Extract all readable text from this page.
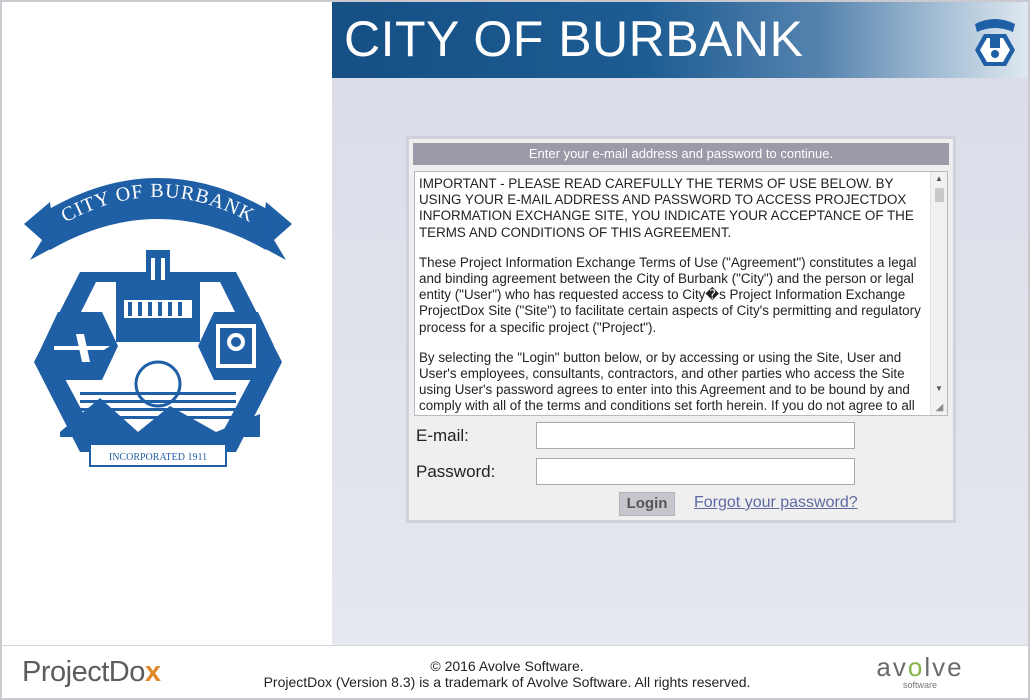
CITY OF BURBANK
INCORPORATED 1911
CITY OF BURBANK
Enter your e-mail address and password to continue.

IMPORTANT - PLEASE READ CAREFULLY THE TERMS OF USE BELOW. BY USING YOUR E-MAIL ADDRESS AND PASSWORD TO ACCESS PROJECTDOX INFORMATION EXCHANGE SITE, YOU INDICATE YOUR ACCEPTANCE OF THE TERMS AND CONDITIONS OF THIS AGREEMENT.

These Project Information Exchange Terms of Use ("Agreement") constitutes a legal and binding agreement between the City of Burbank ("City") and the person or legal entity ("User") who has requested access to City�s Project Information Exchange ProjectDox Site ("Site") to facilitate certain aspects of City's permitting and regulatory process for a specific project ("Project").

By selecting the "Login" button below, or by accessing or using the Site, User and User's employees, consultants, contractors, and other parties who access the Site using User's password agrees to enter into this Agreement and to be bound by and comply with all of the terms and conditions set forth herein. If you do not agree to all

▲
▼
◢
E-mail:
Password:
Login	Forgot your password?
ProjectDox	© 2016 Avolve Software.
ProjectDox (Version 8.3) is a trademark of Avolve Software. All rights reserved.	avolve
software
